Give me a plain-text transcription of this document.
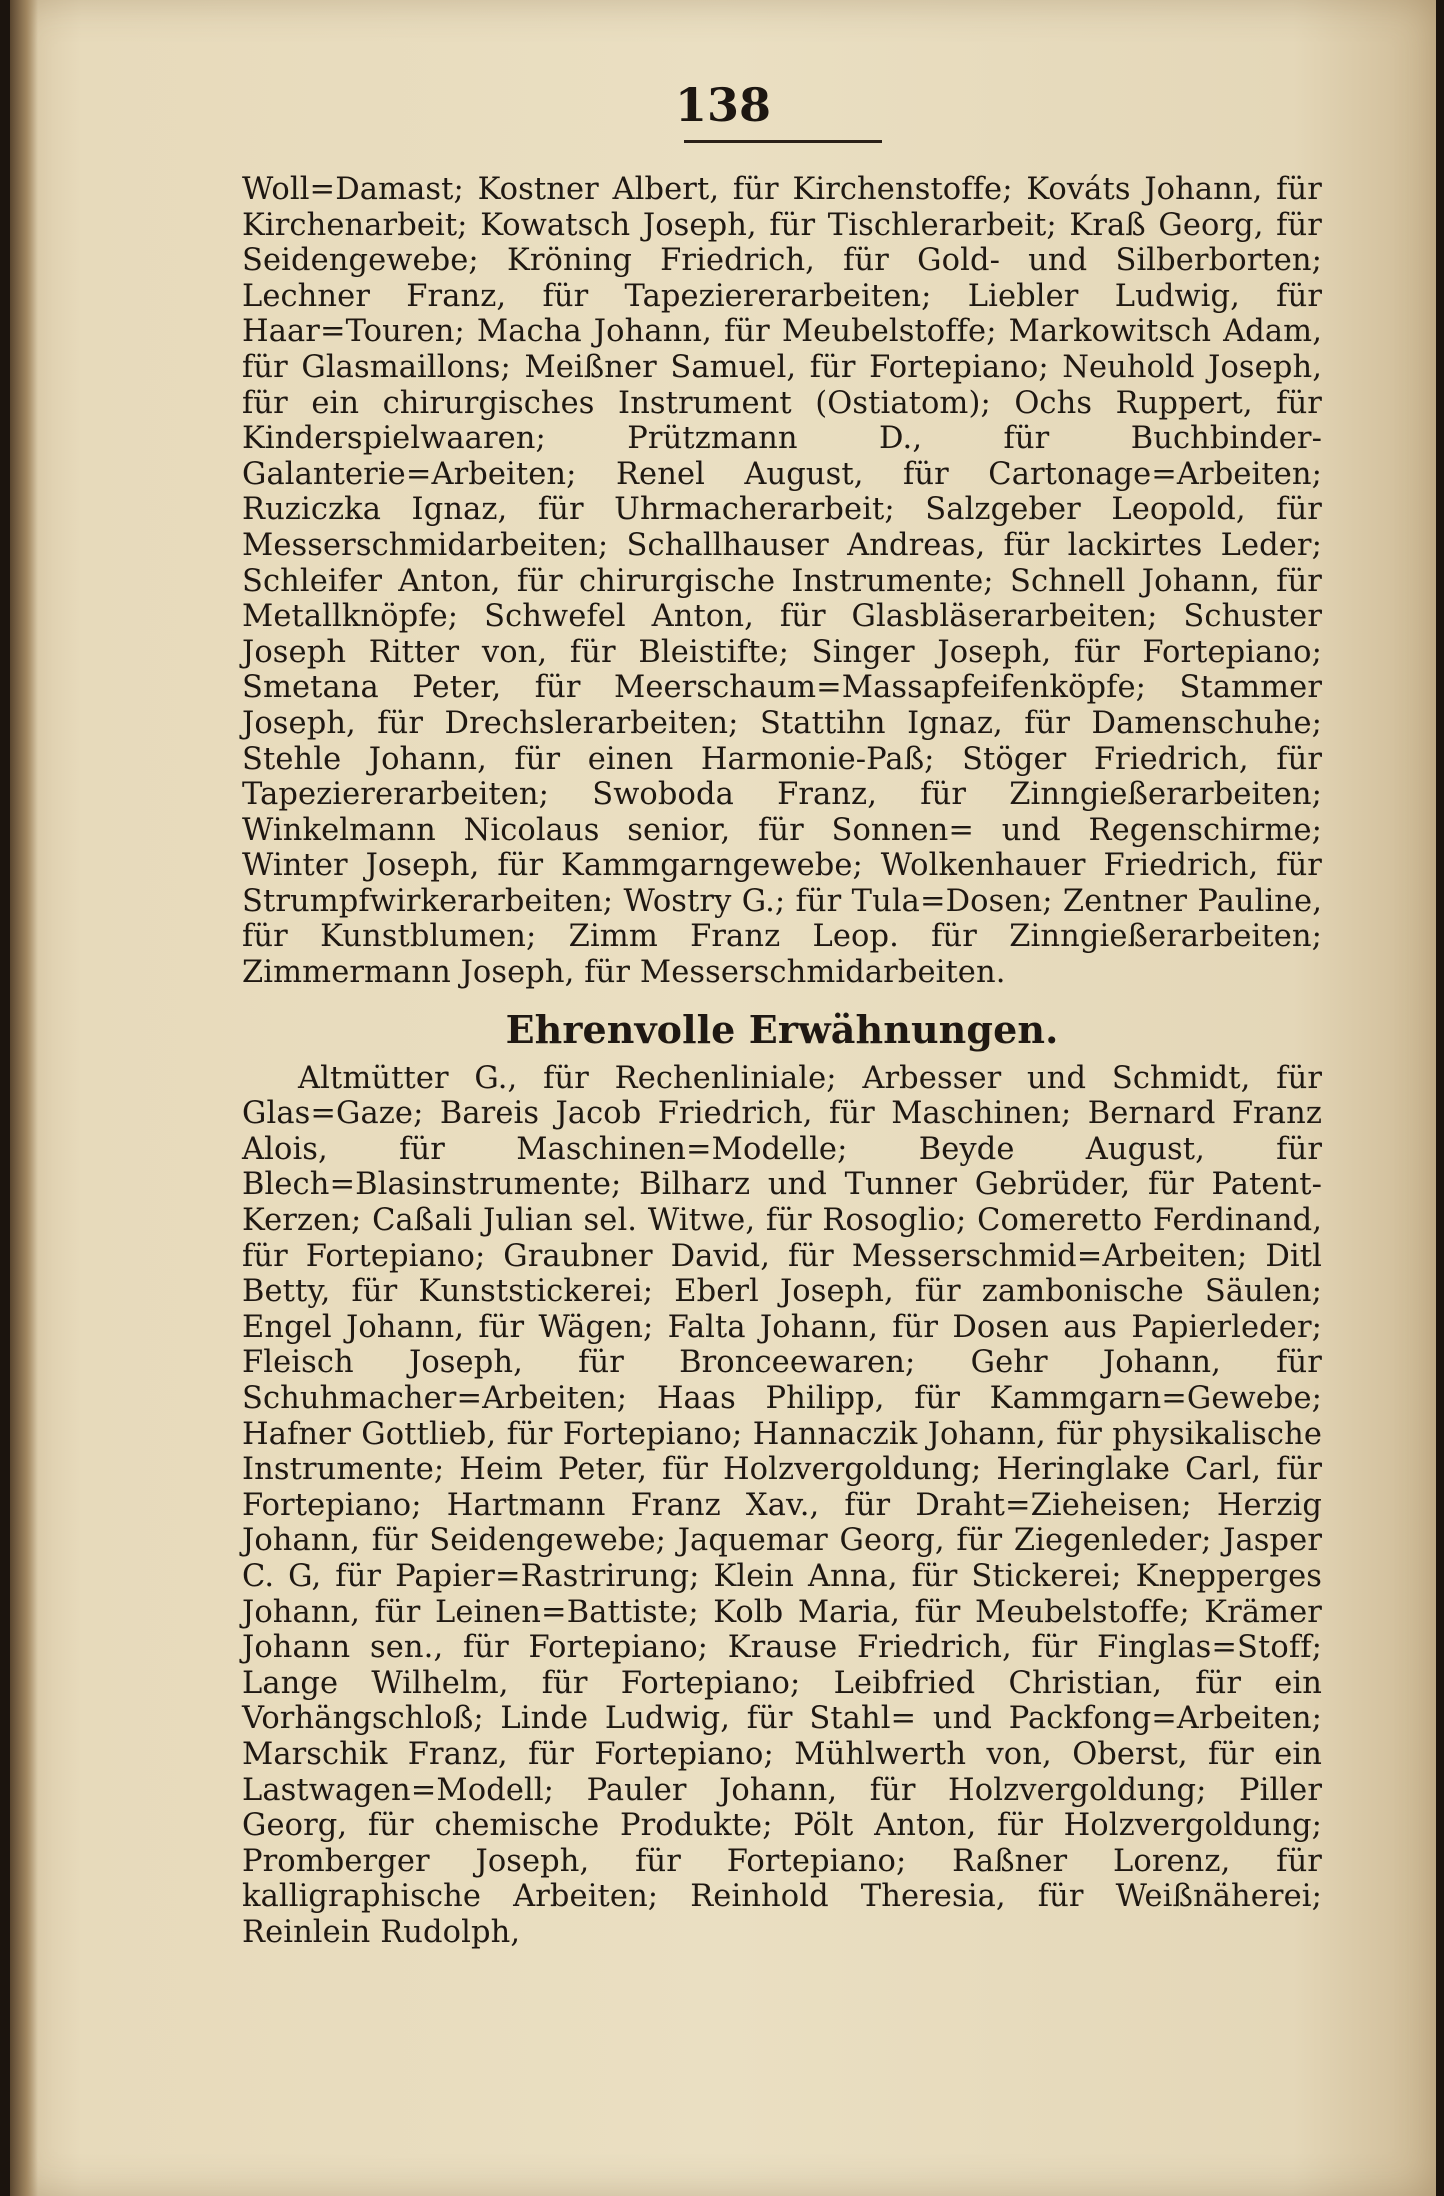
138

Woll=Damast; Kostner Albert, für Kirchenstoffe; Kováts Johann, für Kirchenarbeit; Kowatsch Joseph, für Tischlerarbeit; Kraß Georg, für Seidengewebe; Kröning Friedrich, für Gold- und Silberborten; Lechner Franz, für Tapeziererarbeiten; Liebler Ludwig, für Haar=Touren; Macha Johann, für Meubelstoffe; Markowitsch Adam, für Glasmaillons; Meißner Samuel, für Fortepiano; Neuhold Joseph, für ein chirurgisches Instrument (Ostiatom); Ochs Ruppert, für Kinderspielwaaren; Prützmann D., für Buchbinder-Galanterie=Arbeiten; Renel August, für Cartonage=Arbeiten; Ruziczka Ignaz, für Uhrmacherarbeit; Salzgeber Leopold, für Messerschmidarbeiten; Schallhauser Andreas, für lackirtes Leder; Schleifer Anton, für chirurgische Instrumente; Schnell Johann, für Metallknöpfe; Schwefel Anton, für Glasbläserarbeiten; Schuster Joseph Ritter von, für Bleistifte; Singer Joseph, für Fortepiano; Smetana Peter, für Meerschaum=Massapfeifenköpfe; Stammer Joseph, für Drechslerarbeiten; Stattihn Ignaz, für Damenschuhe; Stehle Johann, für einen Harmonie-Paß; Stöger Friedrich, für Tapeziererarbeiten; Swoboda Franz, für Zinngießerarbeiten; Winkelmann Nicolaus senior, für Sonnen= und Regenschirme; Winter Joseph, für Kammgarngewebe; Wolkenhauer Friedrich, für Strumpfwirkerarbeiten; Wostry G.; für Tula=Dosen; Zentner Pauline, für Kunstblumen; Zimm Franz Leop. für Zinngießerarbeiten; Zimmermann Joseph, für Messerschmidarbeiten.

Ehrenvolle Erwähnungen.

Altmütter G., für Rechenliniale; Arbesser und Schmidt, für Glas=Gaze; Bareis Jacob Friedrich, für Maschinen; Bernard Franz Alois, für Maschinen=Modelle; Beyde August, für Blech=Blasinstrumente; Bilharz und Tunner Gebrüder, für Patent-Kerzen; Caßali Julian sel. Witwe, für Rosoglio; Comeretto Ferdinand, für Fortepiano; Graubner David, für Messerschmid=Arbeiten; Ditl Betty, für Kunststickerei; Eberl Joseph, für zambonische Säulen; Engel Johann, für Wägen; Falta Johann, für Dosen aus Papierleder; Fleisch Joseph, für Bronceewaren; Gehr Johann, für Schuhmacher=Arbeiten; Haas Philipp, für Kammgarn=Gewebe; Hafner Gottlieb, für Fortepiano; Hannaczik Johann, für physikalische Instrumente; Heim Peter, für Holzvergoldung; Heringlake Carl, für Fortepiano; Hartmann Franz Xav., für Draht=Zieheisen; Herzig Johann, für Seidengewebe; Jaquemar Georg, für Ziegenleder; Jasper C. G, für Papier=Rastrirung; Klein Anna, für Stickerei; Knepperges Johann, für Leinen=Battiste; Kolb Maria, für Meubelstoffe; Krämer Johann sen., für Fortepiano; Krause Friedrich, für Finglas=Stoff; Lange Wilhelm, für Fortepiano; Leibfried Christian, für ein Vorhängschloß; Linde Ludwig, für Stahl= und Packfong=Arbeiten; Marschik Franz, für Fortepiano; Mühlwerth von, Oberst, für ein Lastwagen=Modell; Pauler Johann, für Holzvergoldung; Piller Georg, für chemische Produkte; Pölt Anton, für Holzvergoldung; Promberger Joseph, für Fortepiano; Raßner Lorenz, für kalligraphische Arbeiten; Reinhold Theresia, für Weißnäherei; Reinlein Rudolph,
